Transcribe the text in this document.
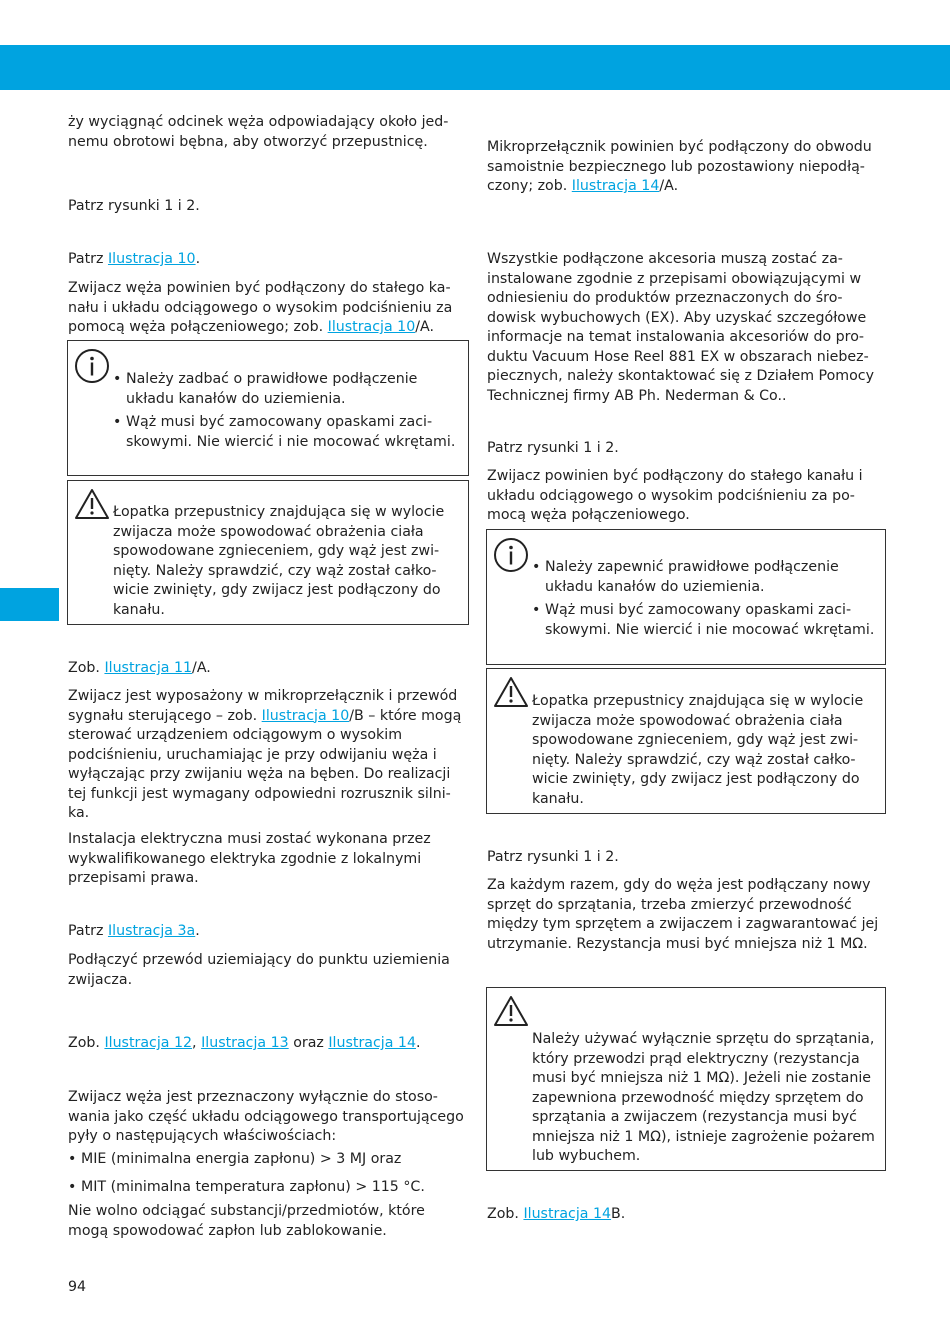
ży wyciągnąć odcinek węża odpowiadający około jednemu obrotowi bębna, aby otworzyć przepustnicę.

Patrz rysunki 1 i 2.

Patrz Ilustracja 10.

Zwijacz węża powinien być podłączony do stałego kanału i układu odciągowego o wysokim podciśnieniu za pomocą węża połączeniowego; zob. Ilustracja 10/A.

• Należy zadbać o prawidłowe podłączenie układu kanałów do uziemienia.
• Wąż musi być zamocowany opaskami zaciskowymi. Nie wiercić i nie mocować wkrętami.

Łopatka przepustnicy znajdująca się w wylocie zwijacza może spowodować obrażenia ciała spowodowane zgnieceniem, gdy wąż jest zwinięty. Należy sprawdzić, czy wąż został całkowicie zwinięty, gdy zwijacz jest podłączony do kanału.

Zob. Ilustracja 11/A.

Zwijacz jest wyposażony w mikroprzełącznik i przewód sygnału sterującego – zob. Ilustracja 10/B – które mogą sterować urządzeniem odciągowym o wysokim podciśnieniu, uruchamiając je przy odwijaniu węża i wyłączając przy zwijaniu węża na bęben. Do realizacji tej funkcji jest wymagany odpowiedni rozrusznik silnika.

Instalacja elektryczna musi zostać wykonana przez wykwalifikowanego elektryka zgodnie z lokalnymi przepisami prawa.

Patrz Ilustracja 3a.

Podłączyć przewód uziemiający do punktu uziemienia zwijacza.

Zob. Ilustracja 12, Ilustracja 13 oraz Ilustracja 14.

Zwijacz węża jest przeznaczony wyłącznie do stosowania jako część układu odciągowego transportującego pyły o następujących właściwościach:

• MIE (minimalna energia zapłonu) > 3 MJ oraz
• MIT (minimalna temperatura zapłonu) > 115 °C.

Nie wolno odciągać substancji/przedmiotów, które mogą spowodować zapłon lub zablokowanie.

Mikroprzełącznik powinien być podłączony do obwodu samoistnie bezpiecznego lub pozostawiony niepodłączony; zob. Ilustracja 14/A.

Wszystkie podłączone akcesoria muszą zostać zainstalowane zgodnie z przepisami obowiązującymi w odniesieniu do produktów przeznaczonych do środowisk wybuchowych (EX). Aby uzyskać szczegółowe informacje na temat instalowania akcesoriów do produktu Vacuum Hose Reel 881 EX w obszarach niebezpiecznych, należy skontaktować się z Działem Pomocy Technicznej firmy AB Ph. Nederman & Co..

Patrz rysunki 1 i 2.

Zwijacz powinien być podłączony do stałego kanału i układu odciągowego o wysokim podciśnieniu za pomocą węża połączeniowego.

• Należy zapewnić prawidłowe podłączenie układu kanałów do uziemienia.
• Wąż musi być zamocowany opaskami zaciskowymi. Nie wiercić i nie mocować wkrętami.

Łopatka przepustnicy znajdująca się w wylocie zwijacza może spowodować obrażenia ciała spowodowane zgnieceniem, gdy wąż jest zwinięty. Należy sprawdzić, czy wąż został całkowicie zwinięty, gdy zwijacz jest podłączony do kanału.

Patrz rysunki 1 i 2.

Za każdym razem, gdy do węża jest podłączany nowy sprzęt do sprzątania, trzeba zmierzyć przewodność między tym sprzętem a zwijaczem i zagwarantować jej utrzymanie. Rezystancja musi być mniejsza niż 1 MΩ.

Należy używać wyłącznie sprzętu do sprzątania, który przewodzi prąd elektryczny (rezystancja musi być mniejsza niż 1 MΩ). Jeżeli nie zostanie zapewniona przewodność między sprzętem do sprzątania a zwijaczem (rezystancja musi być mniejsza niż 1 MΩ), istnieje zagrożenie pożarem lub wybuchem.

Zob. Ilustracja 14B.

94
